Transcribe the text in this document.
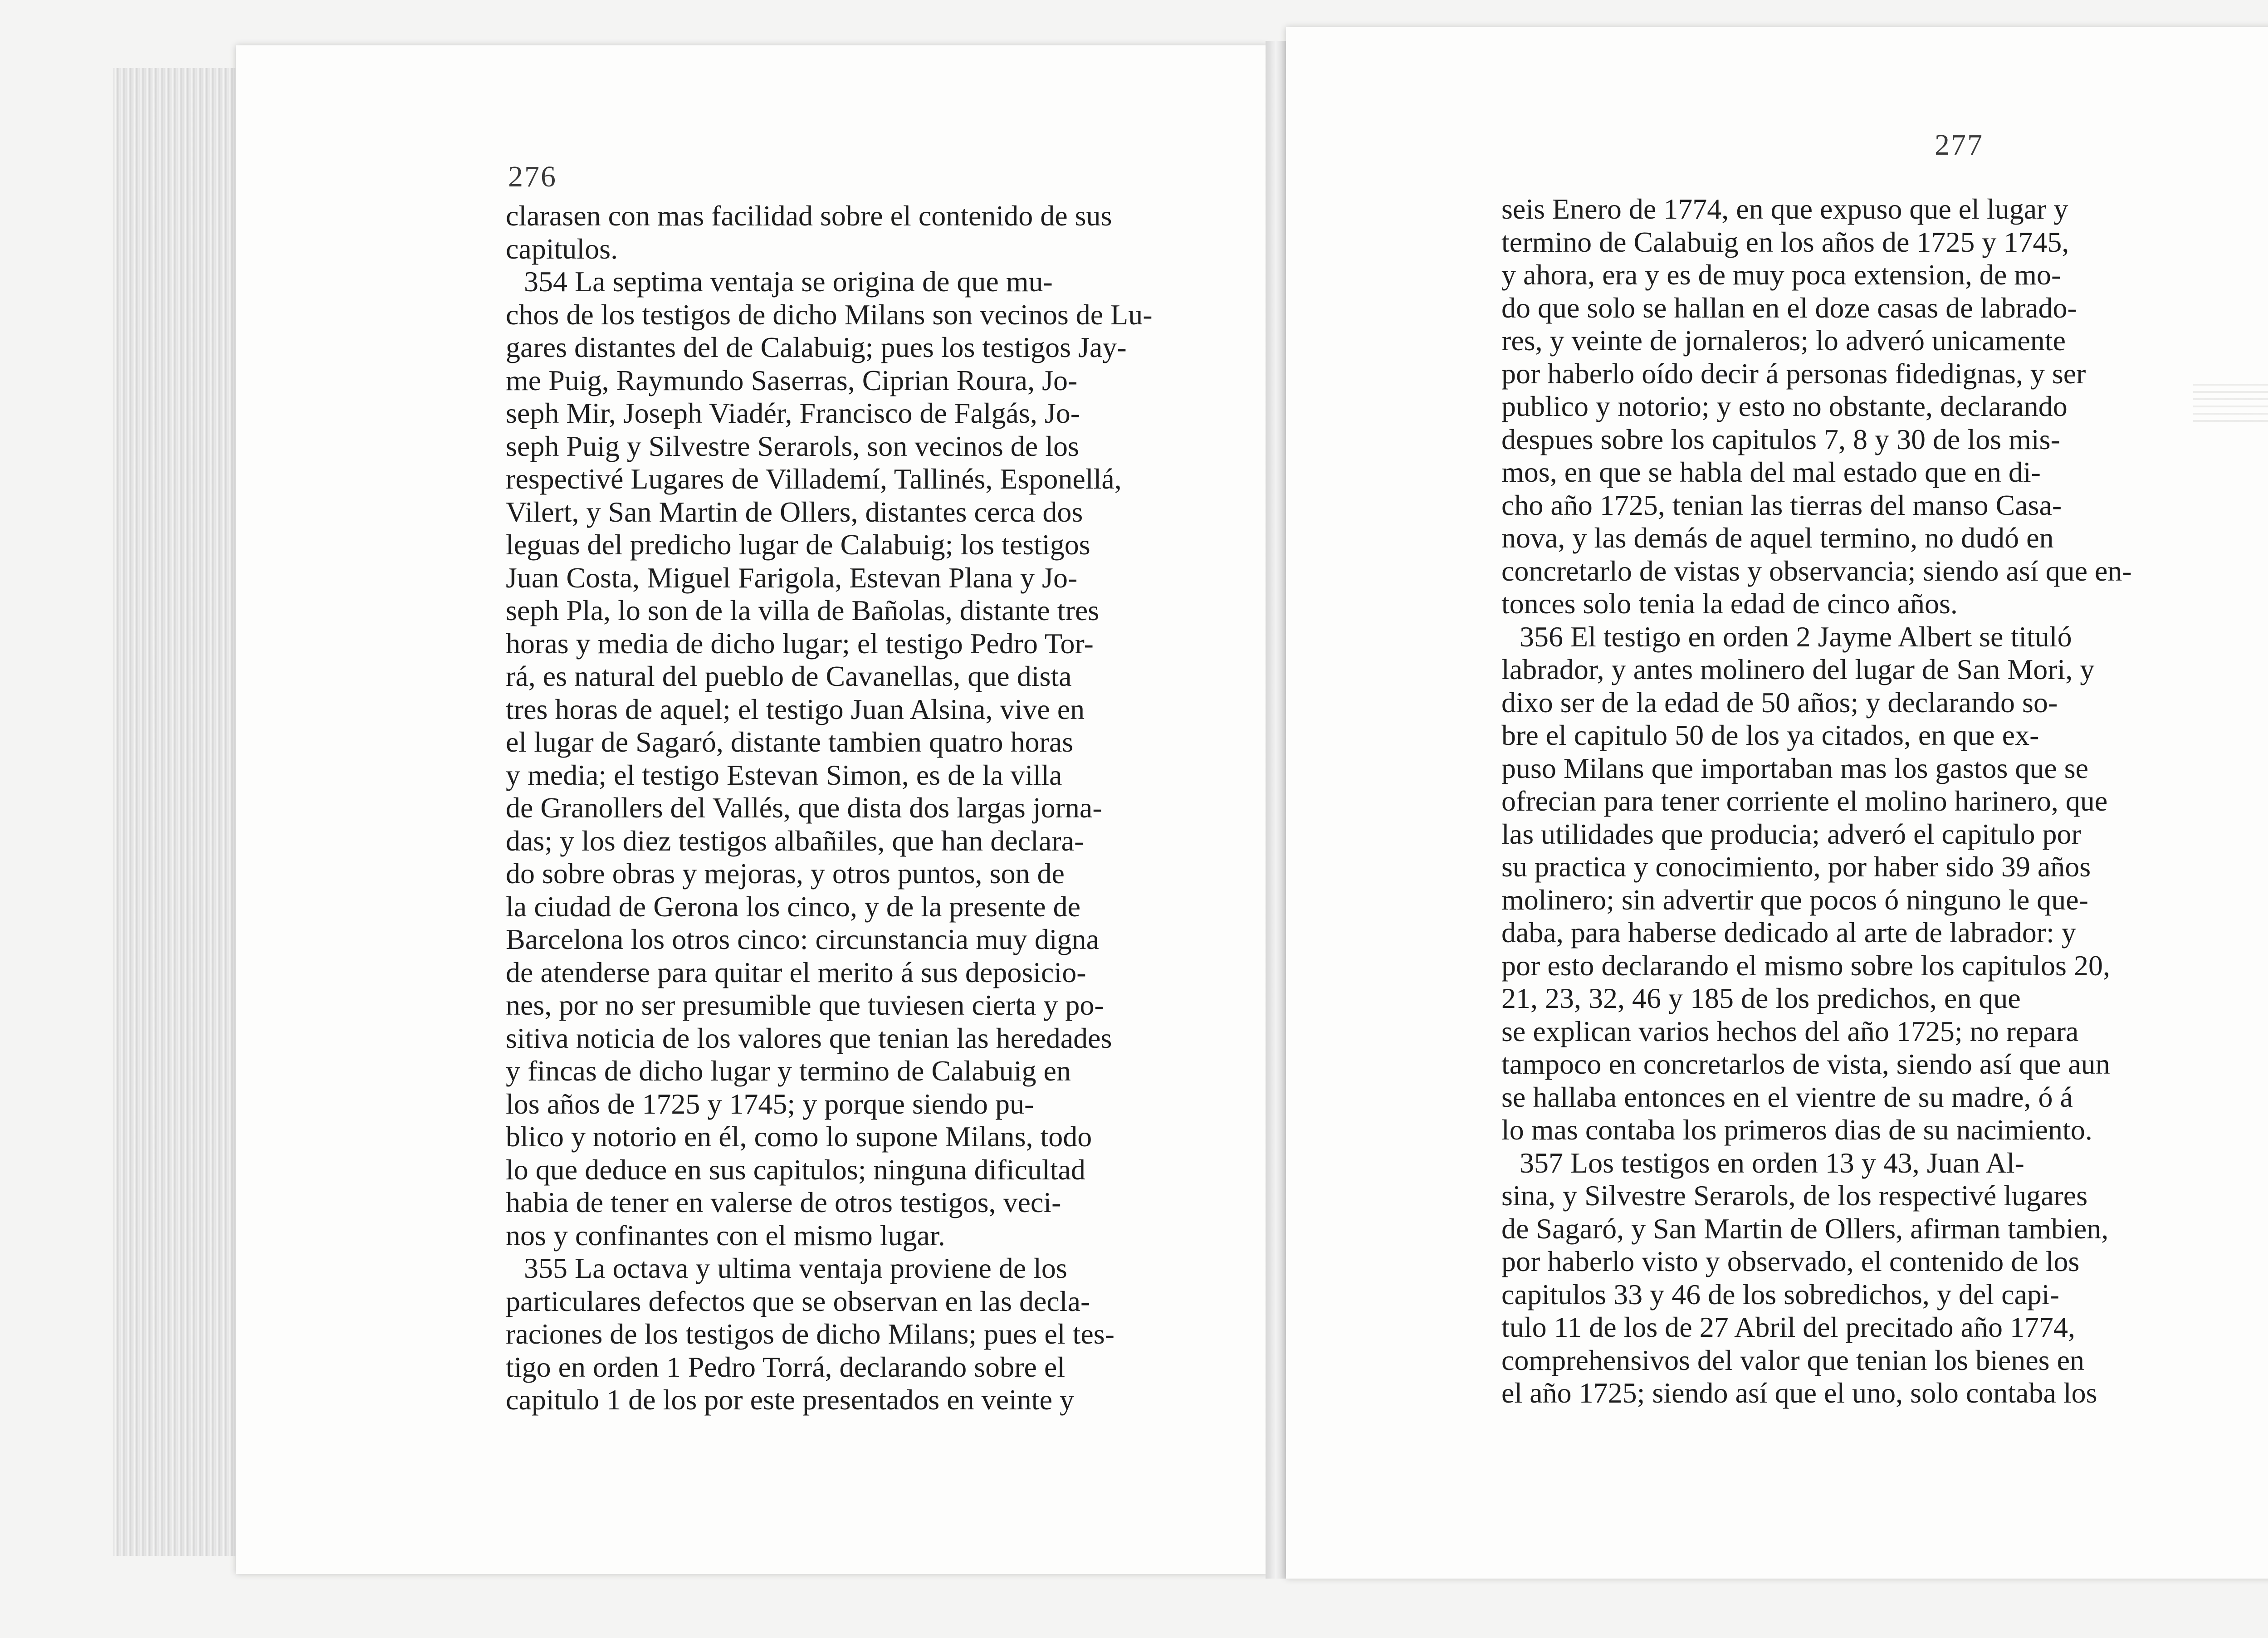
276
clarasen con mas facilidad sobre el contenido de sus
capitulos.
354 La septima ventaja se origina de que mu-
chos de los testigos de dicho Milans son vecinos de Lu-
gares distantes del de Calabuig; pues los testigos Jay-
me Puig, Raymundo Saserras, Ciprian Roura, Jo-
seph Mir, Joseph Viadér, Francisco de Falgás, Jo-
seph Puig y Silvestre Serarols, son vecinos de los
respectivé Lugares de Villademí, Tallinés, Esponellá,
Vilert, y San Martin de Ollers, distantes cerca dos
leguas del predicho lugar de Calabuig; los testigos
Juan Costa, Miguel Farigola, Estevan Plana y Jo-
seph Pla, lo son de la villa de Bañolas, distante tres
horas y media de dicho lugar; el testigo Pedro Tor-
rá, es natural del pueblo de Cavanellas, que dista
tres horas de aquel; el testigo Juan Alsina, vive en
el lugar de Sagaró, distante tambien quatro horas
y media; el testigo Estevan Simon, es de la villa
de Granollers del Vallés, que dista dos largas jorna-
das; y los diez testigos albañiles, que han declara-
do sobre obras y mejoras, y otros puntos, son de
la ciudad de Gerona los cinco, y de la presente de
Barcelona los otros cinco: circunstancia muy digna
de atenderse para quitar el merito á sus deposicio-
nes, por no ser presumible que tuviesen cierta y po-
sitiva noticia de los valores que tenian las heredades
y fincas de dicho lugar y termino de Calabuig en
los años de 1725 y 1745; y porque siendo pu-
blico y notorio en él, como lo supone Milans, todo
lo que deduce en sus capitulos; ninguna dificultad
habia de tener en valerse de otros testigos, veci-
nos y confinantes con el mismo lugar.
355 La octava y ultima ventaja proviene de los
particulares defectos que se observan en las decla-
raciones de los testigos de dicho Milans; pues el tes-
tigo en orden 1 Pedro Torrá, declarando sobre el
capitulo 1 de los por este presentados en veinte y
277
seis Enero de 1774, en que expuso que el lugar y
termino de Calabuig en los años de 1725 y 1745,
y ahora, era y es de muy poca extension, de mo-
do que solo se hallan en el doze casas de labrado-
res, y veinte de jornaleros; lo adveró unicamente
por haberlo oído decir á personas fidedignas, y ser
publico y notorio; y esto no obstante, declarando
despues sobre los capitulos 7, 8 y 30 de los mis-
mos, en que se habla del mal estado que en di-
cho año 1725, tenian las tierras del manso Casa-
nova, y las demás de aquel termino, no dudó en
concretarlo de vistas y observancia; siendo así que en-
tonces solo tenia la edad de cinco años.
356 El testigo en orden 2 Jayme Albert se tituló
labrador, y antes molinero del lugar de San Mori, y
dixo ser de la edad de 50 años; y declarando so-
bre el capitulo 50 de los ya citados, en que ex-
puso Milans que importaban mas los gastos que se
ofrecian para tener corriente el molino harinero, que
las utilidades que producia; adveró el capitulo por
su practica y conocimiento, por haber sido 39 años
molinero; sin advertir que pocos ó ninguno le que-
daba, para haberse dedicado al arte de labrador: y
por esto declarando el mismo sobre los capitulos 20,
21, 23, 32, 46 y 185 de los predichos, en que
se explican varios hechos del año 1725; no repara
tampoco en concretarlos de vista, siendo así que aun
se hallaba entonces en el vientre de su madre, ó á
lo mas contaba los primeros dias de su nacimiento.
357 Los testigos en orden 13 y 43, Juan Al-
sina, y Silvestre Serarols, de los respectivé lugares
de Sagaró, y San Martin de Ollers, afirman tambien,
por haberlo visto y observado, el contenido de los
capitulos 33 y 46 de los sobredichos, y del capi-
tulo 11 de los de 27 Abril del precitado año 1774,
comprehensivos del valor que tenian los bienes en
el año 1725; siendo así que el uno, solo contaba los
